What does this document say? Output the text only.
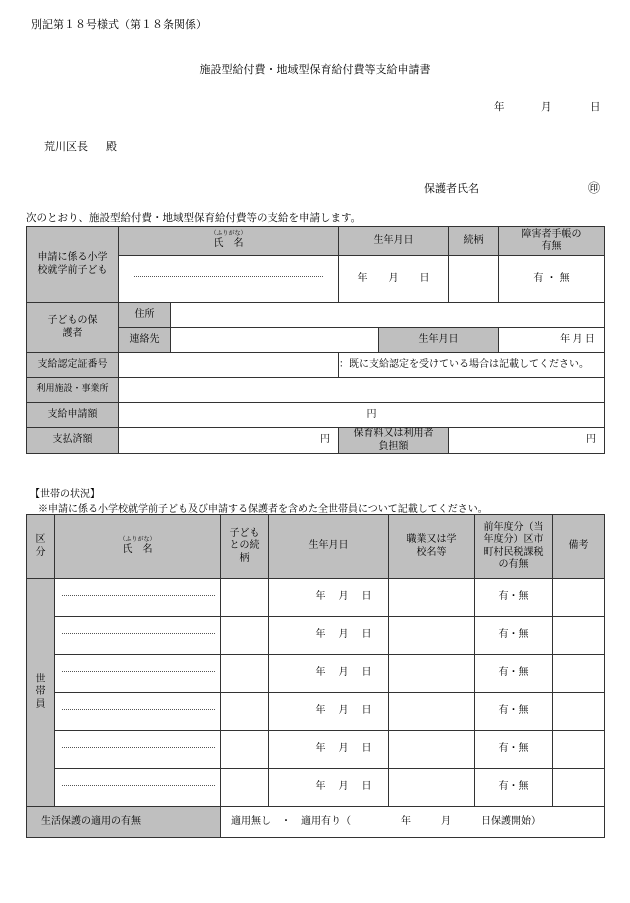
別記第１８号様式（第１８条関係）
施設型給付費・地域型保育給付費等支給申請書
年	月	日
荒川区長 殿
保護者氏名	㊞
次のとおり、施設型給付費・地域型保育給付費等の支給を申請します。
申請に係る小学校就学前子ども	（ふりがな）
氏　名		生年月日		続柄	障害者手帳の有無

			年 月 日			有 ・ 無
子どもの保護者	住所					
	連絡先			生年月日		年 月 日

支給認定証番号			：既に支給認定を受けている場合は記載してください。			
利用施設・事業所						
支給申請額	円					
支払済額	円		保育料又は利用者負担額		円	
【世帯の状況】
※申請に係る小学校就学前子ども及び申請する保護者を含めた全世帯員について記載してください。
区分	（ふりがな）
氏　名	子どもとの続柄	生年月日	職業又は学校名等	前年度分（当年度分）区市町村民税課税の有無	備考
世帯員			年 月 日		有・無	

			年 月 日		有・無	

			年 月 日		有・無	

			年 月 日		有・無	

			年 月 日		有・無	

			年 月 日		有・無	
生活保護の適用の有無		適用無し　・　適用有り（　　　　　年　　　月　　　日保護開始）				
